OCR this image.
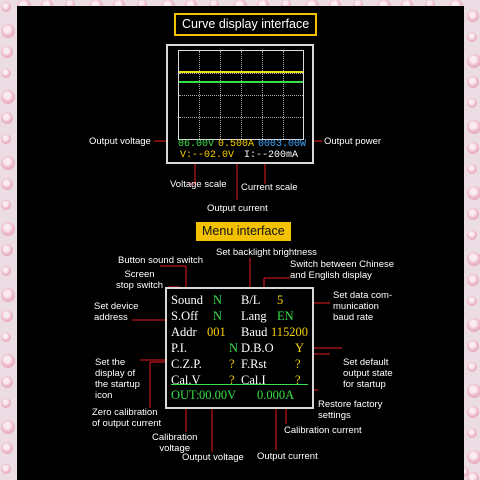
Curve display interface
06.00V 0.500A 0003.00W
V:--02.0V I:--200mA
Output voltage	Output power
Voltage scale Current scale
Output current
Menu interface
Sound N B/L 5
S.Off N Lang EN
Addr 001 Baud 115200
P.I.	N D.B.O Y
C.Z.P. ? F.Rst ?
Cal.V ? Cal.I ?
OUT: 00.00V 0.000A
Button sound switch
Set backlight brightness
Switch between Chinese
and English display
Screen
stop switch
Set device
address
Set data com-
munication
baud rate
Set the
display of
the startup
icon
Set default
output state
for startup
Restore factory
settings
Zero calibration
of output current
Calibration current
Calibration
voltage
Output voltage Output current
